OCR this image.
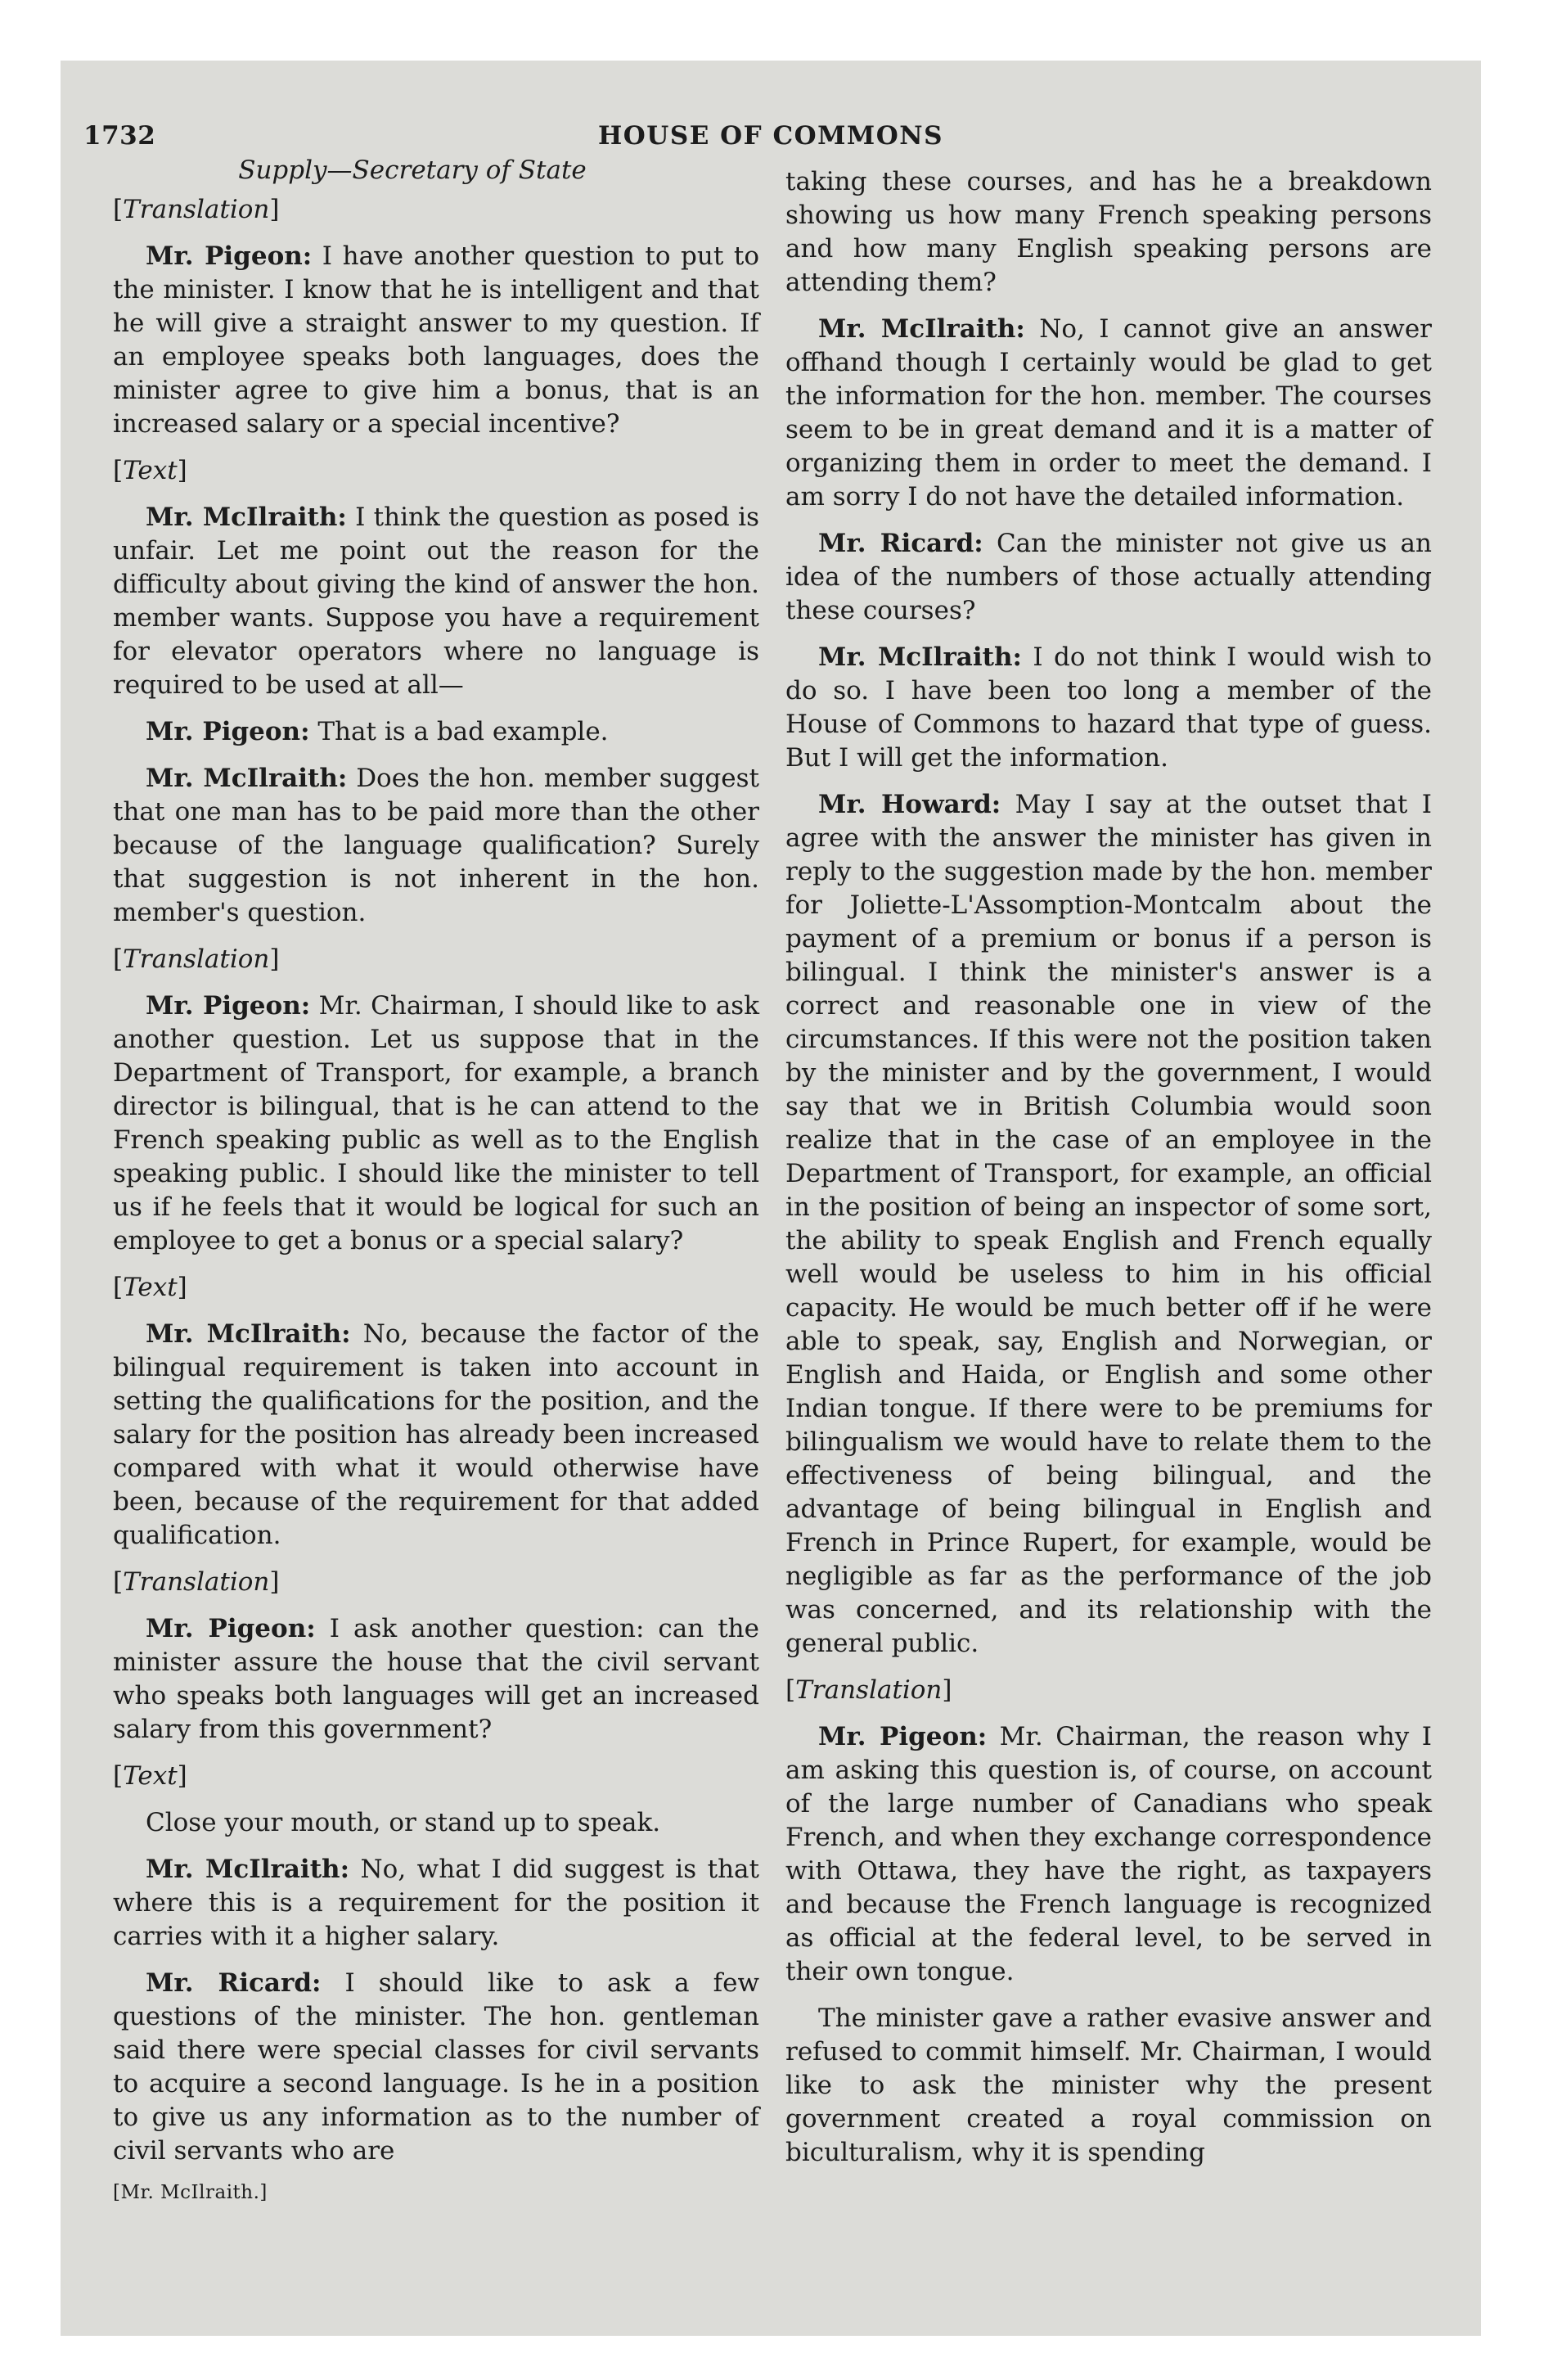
1732	HOUSE OF COMMONS
Supply—Secretary of State

[Translation]

Mr. Pigeon: I have another question to put to the minister. I know that he is intelligent and that he will give a straight answer to my question. If an employee speaks both languages, does the minister agree to give him a bonus, that is an increased salary or a special incentive?

[Text]

Mr. McIlraith: I think the question as posed is unfair. Let me point out the reason for the difficulty about giving the kind of answer the hon. member wants. Suppose you have a requirement for elevator operators where no language is required to be used at all—

Mr. Pigeon: That is a bad example.

Mr. McIlraith: Does the hon. member suggest that one man has to be paid more than the other because of the language qualification? Surely that suggestion is not inherent in the hon. member's question.

[Translation]

Mr. Pigeon: Mr. Chairman, I should like to ask another question. Let us suppose that in the Department of Transport, for example, a branch director is bilingual, that is he can attend to the French speaking public as well as to the English speaking public. I should like the minister to tell us if he feels that it would be logical for such an employee to get a bonus or a special salary?

[Text]

Mr. McIlraith: No, because the factor of the bilingual requirement is taken into account in setting the qualifications for the position, and the salary for the position has already been increased compared with what it would otherwise have been, because of the requirement for that added qualification.

[Translation]

Mr. Pigeon: I ask another question: can the minister assure the house that the civil servant who speaks both languages will get an increased salary from this government?

[Text]

Close your mouth, or stand up to speak.

Mr. McIlraith: No, what I did suggest is that where this is a requirement for the position it carries with it a higher salary.

Mr. Ricard: I should like to ask a few questions of the minister. The hon. gentleman said there were special classes for civil servants to acquire a second language. Is he in a position to give us any information as to the number of civil servants who are

taking these courses, and has he a breakdown showing us how many French speaking persons and how many English speaking persons are attending them?

Mr. McIlraith: No, I cannot give an answer offhand though I certainly would be glad to get the information for the hon. member. The courses seem to be in great demand and it is a matter of organizing them in order to meet the demand. I am sorry I do not have the detailed information.

Mr. Ricard: Can the minister not give us an idea of the numbers of those actually attending these courses?

Mr. McIlraith: I do not think I would wish to do so. I have been too long a member of the House of Commons to hazard that type of guess. But I will get the information.

Mr. Howard: May I say at the outset that I agree with the answer the minister has given in reply to the suggestion made by the hon. member for Joliette-L'Assomption-Montcalm about the payment of a premium or bonus if a person is bilingual. I think the minister's answer is a correct and reasonable one in view of the circumstances. If this were not the position taken by the minister and by the government, I would say that we in British Columbia would soon realize that in the case of an employee in the Department of Transport, for example, an official in the position of being an inspector of some sort, the ability to speak English and French equally well would be useless to him in his official capacity. He would be much better off if he were able to speak, say, English and Norwegian, or English and Haida, or English and some other Indian tongue. If there were to be premiums for bilingualism we would have to relate them to the effectiveness of being bilingual, and the advantage of being bilingual in English and French in Prince Rupert, for example, would be negligible as far as the performance of the job was concerned, and its relationship with the general public.

[Translation]

Mr. Pigeon: Mr. Chairman, the reason why I am asking this question is, of course, on account of the large number of Canadians who speak French, and when they exchange correspondence with Ottawa, they have the right, as taxpayers and because the French language is recognized as official at the federal level, to be served in their own tongue.

The minister gave a rather evasive answer and refused to commit himself. Mr. Chairman, I would like to ask the minister why the present government created a royal commission on biculturalism, why it is spending

[Mr. McIlraith.]
